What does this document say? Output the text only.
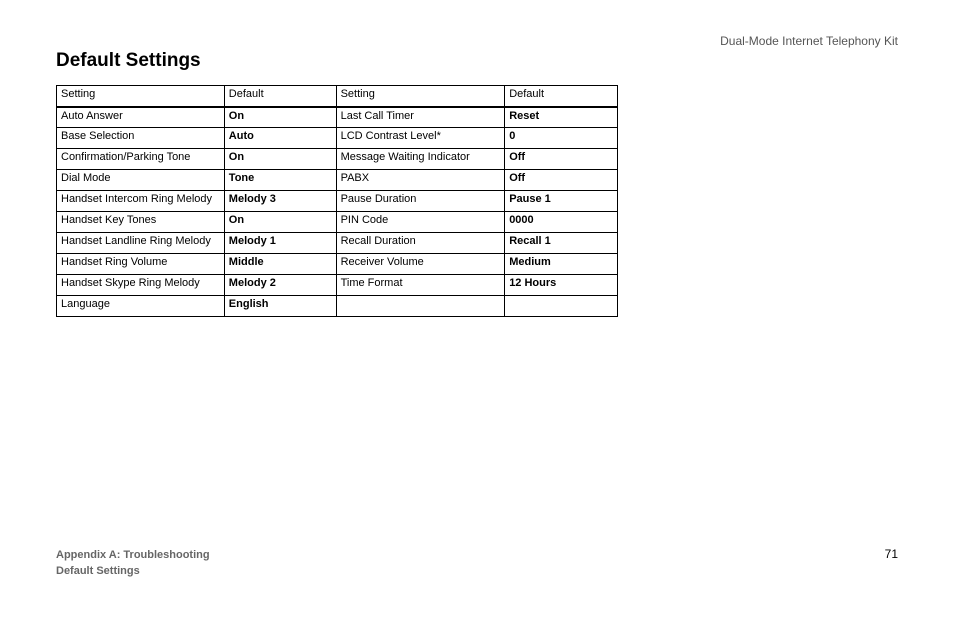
Dual-Mode Internet Telephony Kit
Default Settings
Setting	Default	Setting	Default
Auto Answer	On	Last Call Timer	Reset
Base Selection	Auto	LCD Contrast Level*	0
Confirmation/Parking Tone	On	Message Waiting Indicator	Off
Dial Mode	Tone	PABX	Off
Handset Intercom Ring Melody	Melody 3	Pause Duration	Pause 1
Handset Key Tones	On	PIN Code	0000
Handset Landline Ring Melody	Melody 1	Recall Duration	Recall 1
Handset Ring Volume	Middle	Receiver Volume	Medium
Handset Skype Ring Melody	Melody 2	Time Format	12 Hours
Language	English		
Appendix A: Troubleshooting
Default Settings
71
